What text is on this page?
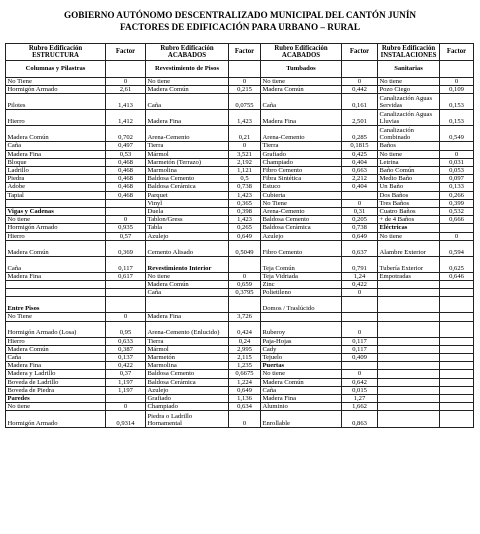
GOBIERNO AUTÓNOMO DESCENTRALIZADO MUNICIPAL DEL CANTÓN JUNÍN
FACTORES DE EDIFICACIÓN PARA URBANO – RURAL
Rubro Edificación ESTRUCTURA	Factor	Rubro Edificación ACABADOS	Factor	Rubro Edificación ACABADOS	Factor	Rubro Edificación INSTALACIONES	Factor
Columnas y Pilastras		Revestimiento de Pisos		Tumbados		Sanitarias	
No Tiene	0	No tiene	0	No tiene	0	No tiene	0
Hormigón Armado	2,61	Madera Común	0,215	Madera Común	0,442	Pozo Ciego	0,109
Pilotes	1,413	Caña	0,0755	Caña	0,161	Canalización Aguas Servidas	0,153
Hierro	1,412	Madera Fina	1,423	Madera Fina	2,501	Canalización Aguas Lluvias	0,153
Madera Común	0,702	Arena-Cemento	0,21	Arena-Cemento	0,285	Canalización Combinado	0,549
Caña	0,497	Tierra	0	Tierra	0,1815	Baños	
Madera Fina	0,53	Mármol	3,521	Grafiado	0,425	No tiene	0
Bloque	0,468	Marmetón (Terrazo)	2,192	Champiado	0,404	Letrina	0,031
Ladrillo	0,468	Marmolina	1,121	Fibro Cemento	0,663	Baño Común	0,053
Piedra	0,468	Baldosa Cemento	0,5	Fibra Sintética	2,212	Medio Baño	0,097
Adobe	0,468	Baldosa Cerámica	0,738	Estuco	0,404	Un Baño	0,133
Tapial	0,468	Parquet	1,423	Cubierta		Dos Baños	0,266
		Vinyl	0,365	No Tiene	0	Tres Baños	0,399
Vigas y Cadenas		Duela	0,398	Arena-Cemento	0,31	Cuatro Baños	0,532
No tiene	0	Tablon/Gress	1,423	Baldosa Cemento	0,205	+ de 4 Baños	0,666
Hormigón Armado	0,935	Tabla	0,265	Baldosa Cerámica	0,738	Eléctricas	
Hierro	0,57	Azulejo	0,649	Azulejo	0,649	No tiene	0
Madera Común	0,369	Cemento Alisado	0,5049	Fibro Cemento	0,637	Alambre Exterior	0,594
Caña	0,117	Revestimiento Interior		Teja Común	0,791	Tubería Exterior	0,625
Madera Fina	0,617	No tiene	0	Teja Vidriada	1,24	Empotradas	0,646
		Madera Común	0,659	Zinc	0,422		
		Caña	0,3795	Polietileno	0		
Entre Pisos				Domos / Traslúcido			
No Tiene	0	Madera Fina	3,726				
Hormigón Armado (Losa)	0,95	Arena-Cemento (Enlucido)	0,424	Ruberoy	0		
Hierro	0,633	Tierra	0,24	Paja-Hojas	0,117		
Madera Común	0,387	Mármol	2,995	Cady	0,117		
Caña	0,137	Marmetón	2,115	Tejuelo	0,409		
Madera Fina	0,422	Marmolina	1,235	Puertas			
Madera y Ladrillo	0,37	Baldosa Cemento	0,6675	No tiene	0		
Boveda de Ladrillo	1,197	Baldosa Cerámica	1,224	Madera Común	0,642		
Boveda de Piedra	1,197	Azulejo	0,649	Caña	0,015		
Paredes		Grafiado	1,136	Madera Fina	1,27		
No tiene	0	Champiado	0,634	Aluminio	1,662		
Hormigón Armado	0,9314	Piedra o Ladrillo Hornamental	0	Enrollable	0,863		
